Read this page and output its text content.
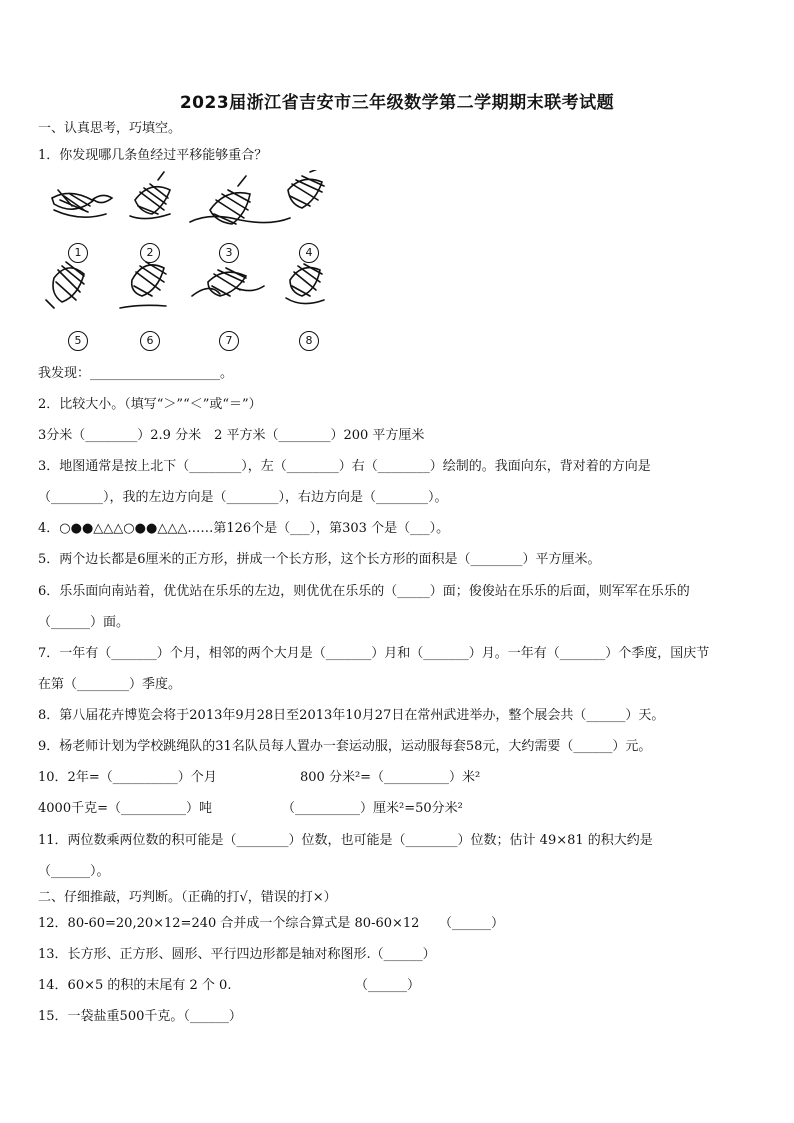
2023届浙江省吉安市三年级数学第二学期期末联考试题
一、认真思考，巧填空。
1．你发现哪几条鱼经过平移能够重合？
1	2	3	4
5	6	7	8
我发现：____________________。
2．比较大小。（填写“＞”“＜”或“＝”）
3分米（________）2.9 分米　2 平方米（________）200 平方厘米
3．地图通常是按上北下（________），左（________）右（________）绘制的。我面向东，背对着的方向是
（________），我的左边方向是（________），右边方向是（________）。
4．○●●△△△○●●△△△……第126个是（___），第303 个是（___）。
5．两个边长都是6厘米的正方形，拼成一个长方形，这个长方形的面积是（________）平方厘米。
6．乐乐面向南站着，优优站在乐乐的左边，则优优在乐乐的（_____）面；俊俊站在乐乐的后面，则军军在乐乐的
（______）面。
7．一年有（_______）个月，相邻的两个大月是（_______）月和（_______）月。一年有（_______）个季度，国庆节
在第（________）季度。
8．第八届花卉博览会将于2013年9月28日至2013年10月27日在常州武进举办，整个展会共（______）天。
9．杨老师计划为学校跳绳队的31名队员每人置办一套运动服，运动服每套58元，大约需要（______）元。
10．2年=（__________）个月	800 分米²=（__________）米²
4000千克=（__________）吨	（__________）厘米²=50分米²
11．两位数乘两位数的积可能是（________）位数，也可能是（________）位数；估计 49×81 的积大约是
（______）。
二、仔细推敲，巧判断。（正确的打√，错误的打×）
12．80-60=20,20×12=240 合并成一个综合算式是 80-60×12　　（______）
13．长方形、正方形、圆形、平行四边形都是轴对称图形.（______）
14．60×5 的积的末尾有 2 个 0.　　　　　　　　　　（______）
15．一袋盐重500千克。（______）
